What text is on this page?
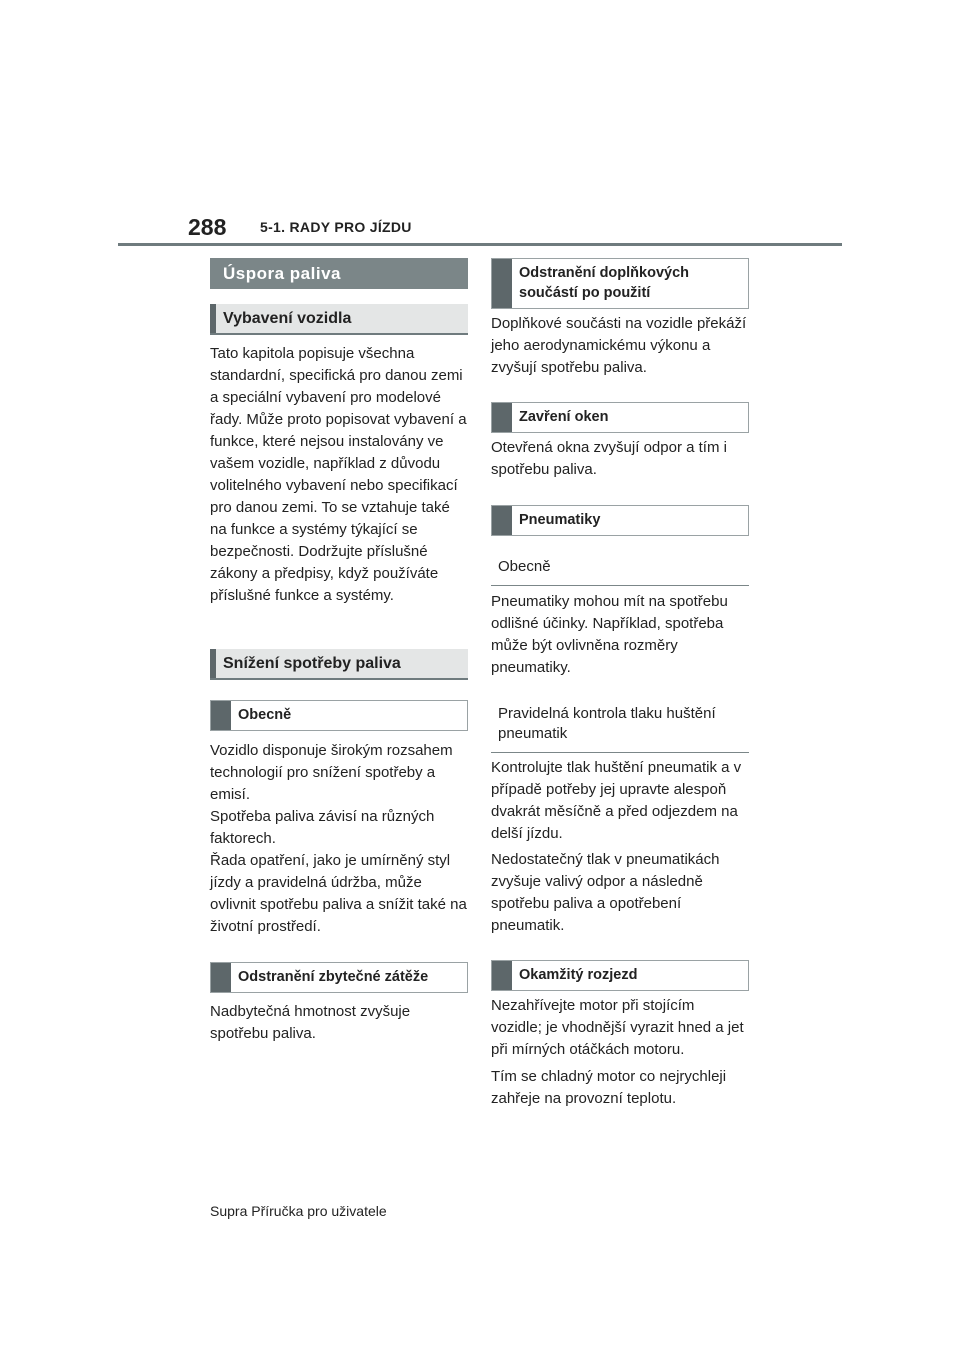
288 5-1. RADY PRO JÍZDU
Úspora paliva
Vybavení vozidla

Tato kapitola popisuje všechna standardní, specifická pro danou zemi a speciální vybavení pro modelové řady. Může proto popisovat vybavení a funkce, které nejsou instalovány ve vašem vozidle, například z důvodu volitelného vybavení nebo specifikací pro danou zemi. To se vztahuje také na funkce a systémy týkající se bezpečnosti. Dodržujte příslušné zákony a předpisy, když používáte příslušné funkce a systémy.

Snížení spotřeby paliva
Obecně

Vozidlo disponuje širokým rozsahem technologií pro snížení spotřeby a emisí.

Spotřeba paliva závisí na různých faktorech.

Řada opatření, jako je umírněný styl jízdy a pravidelná údržba, může ovlivnit spotřebu paliva a snížit také na životní prostředí.

Odstranění zbytečné zátěže

Nadbytečná hmotnost zvyšuje spotřebu paliva.

Odstranění doplňkových součástí po použití

Doplňkové součásti na vozidle překáží jeho aerodynamickému výkonu a zvyšují spotřebu paliva.

Zavření oken

Otevřená okna zvyšují odpor a tím i spotřebu paliva.

Pneumatiky
Obecně

Pneumatiky mohou mít na spotřebu odlišné účinky. Například, spotřeba může být ovlivněna rozměry pneumatiky.

Pravidelná kontrola tlaku huštění pneumatik

Kontrolujte tlak huštění pneumatik a v případě potřeby jej upravte alespoň dvakrát měsíčně a před odjezdem na delší jízdu.

Nedostatečný tlak v pneumatikách zvyšuje valivý odpor a následně spotřebu paliva a opotřebení pneumatik.

Okamžitý rozjezd

Nezahřívejte motor při stojícím vozidle; je vhodnější vyrazit hned a jet při mírných otáčkách motoru.

Tím se chladný motor co nejrychleji zahřeje na provozní teplotu.

Supra Příručka pro uživatele
